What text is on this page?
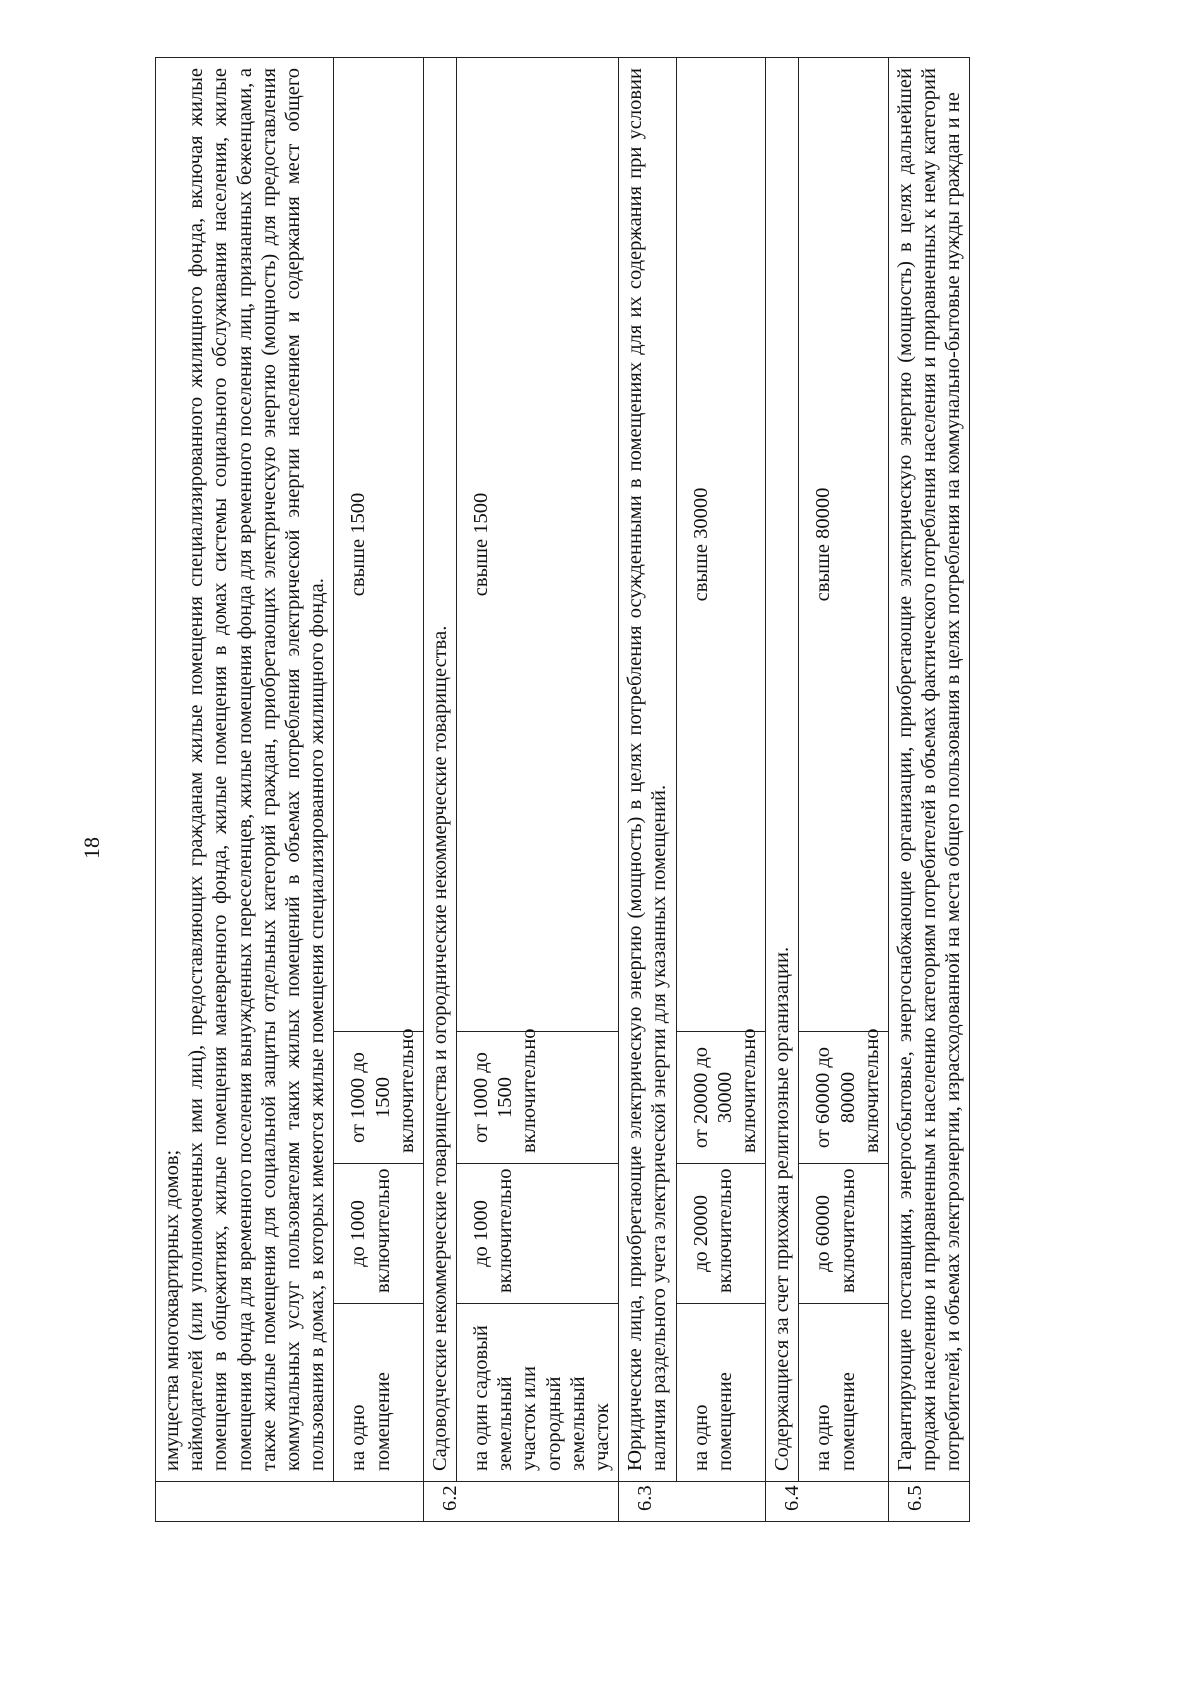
18

	имущества многоквартирных домов; наймодателей (или уполномоченных ими лиц), предоставляющих гражданам жилые помещения специализированного жилищного фонда, включая жилые помещения в общежитиях, жилые помещения маневренного фонда, жилые помещения в домах системы социального обслуживания населения, жилые помещения фонда для временного поселения вынужденных переселенцев, жилые помещения фонда для временного поселения лиц, признанных беженцами, а также жилые помещения для социальной защиты отдельных категорий граждан, приобретающих электрическую энергию (мощность) для предоставления коммунальных услуг пользователям таких жилых помещений в объемах потребления электрической энергии населением и содержания мест общего пользования в домах, в которых имеются жилые помещения специализированного жилищного фонда.			

	на одно помещение	до 1000 включительно	от 1000 до 1500 включительно	свыше 1500
6.2	Садоводческие некоммерческие товарищества и огороднические некоммерческие товарищества.			
	на один садовый земельный участок или огородный земельный участок	до 1000 включительно	от 1000 до 1500 включительно	свыше 1500
6.3	Юридические лица, приобретающие электрическую энергию (мощность) в целях потребления осужденными в помещениях для их содержания при условии наличия раздельного учета электрической энергии для указанных помещений.			
	на одно помещение	до 20000 включительно	от 20000 до 30000 включительно	свыше 30000
6.4	Содержащиеся за счет прихожан религиозные организации.			
	на одно помещение	до 60000 включительно	от 60000 до 80000 включительно	свыше 80000
6.5	Гарантирующие поставщики, энергосбытовые, энергоснабжающие организации, приобретающие электрическую энергию (мощность) в целях дальнейшей продажи населению и приравненным к населению категориям потребителей в объемах фактического потребления населения и приравненных к нему категорий потребителей, и объемах электроэнергии, израсходованной на места общего пользования в целях потребления на коммунально-бытовые нужды граждан и не			
